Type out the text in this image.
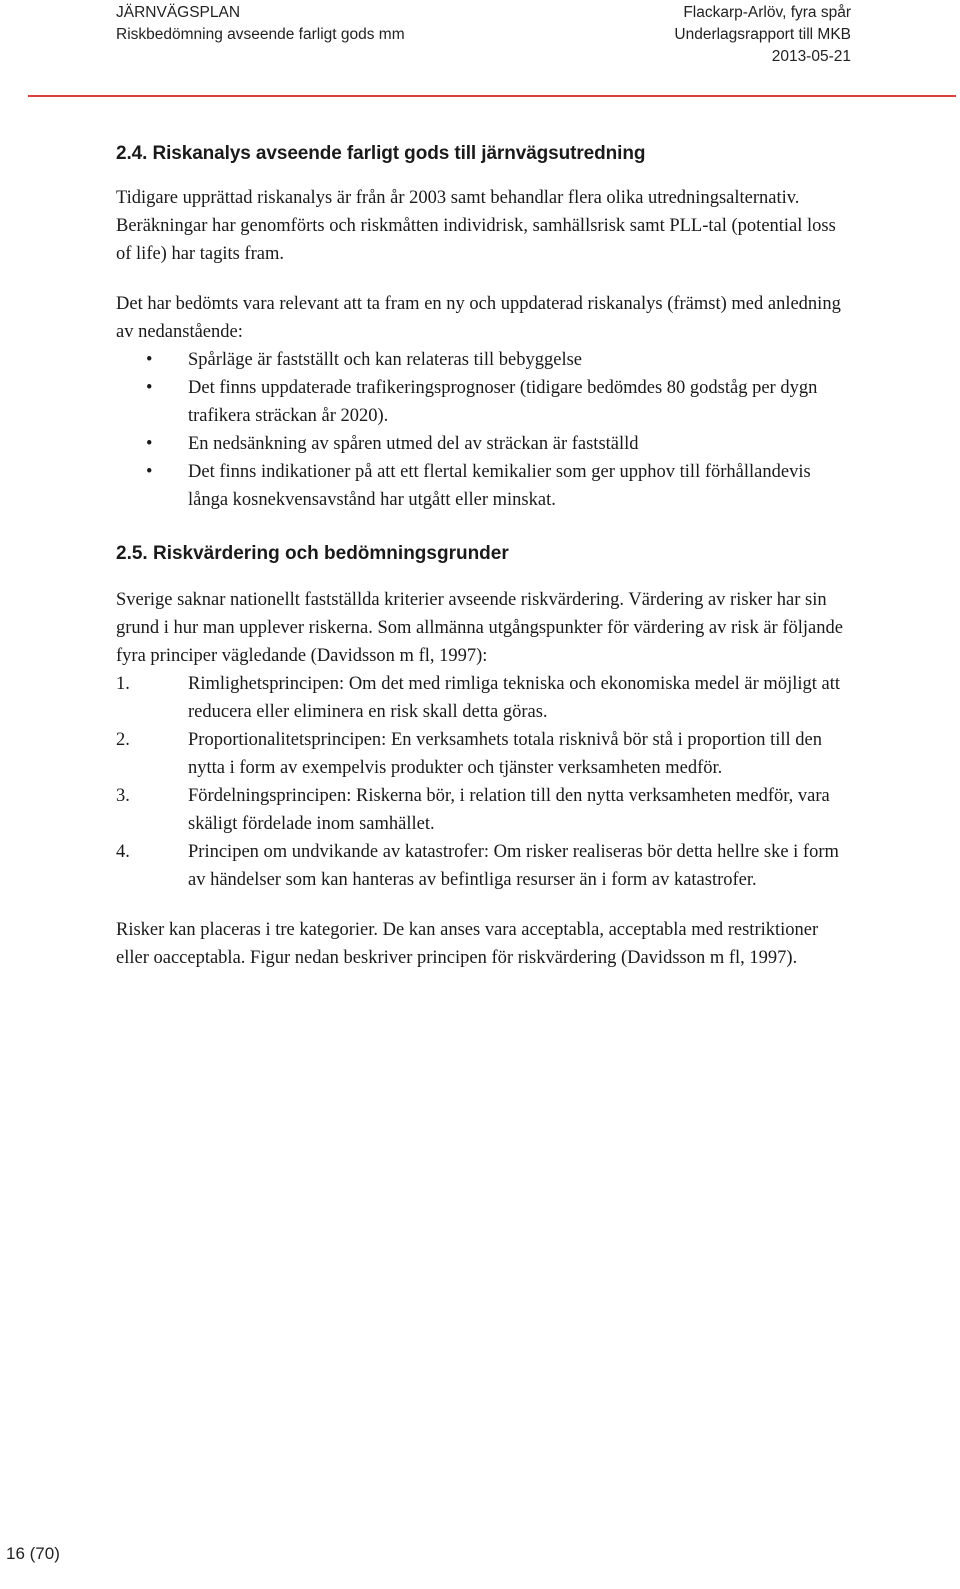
JÄRNVÄGSPLAN
Riskbedömning avseende farligt gods mm
Flackarp-Arlöv, fyra spår
Underlagsrapport till MKB
2013-05-21
2.4. Riskanalys avseende farligt gods till järnvägsutredning

Tidigare upprättad riskanalys är från år 2003 samt behandlar flera olika utredningsalternativ. Beräkningar har genomförts och riskmåtten individrisk, samhällsrisk samt PLL-tal (potential loss of life) har tagits fram.

Det har bedömts vara relevant att ta fram en ny och uppdaterad riskanalys (främst) med anledning av nedanstående:

• Spårläge är fastställt och kan relateras till bebyggelse
• Det finns uppdaterade trafikeringsprognoser (tidigare bedömdes 80 godståg per dygn trafikera sträckan år 2020).
• En nedsänkning av spåren utmed del av sträckan är fastställd
• Det finns indikationer på att ett flertal kemikalier som ger upphov till förhållandevis långa kosnekvensavstånd har utgått eller minskat.
2.5. Riskvärdering och bedömningsgrunder

Sverige saknar nationellt fastställda kriterier avseende riskvärdering. Värdering av risker har sin grund i hur man upplever riskerna. Som allmänna utgångspunkter för värdering av risk är följande fyra principer vägledande (Davidsson m fl, 1997):

1.	Rimlighetsprincipen: Om det med rimliga tekniska och ekonomiska medel är möjligt att reducera eller eliminera en risk skall detta göras.
2.	Proportionalitetsprincipen: En verksamhets totala risknivå bör stå i proportion till den nytta i form av exempelvis produkter och tjänster verksamheten medför.
3.	Fördelningsprincipen: Riskerna bör, i relation till den nytta verksamheten medför, vara skäligt fördelade inom samhället.
4.	Principen om undvikande av katastrofer: Om risker realiseras bör detta hellre ske i form av händelser som kan hanteras av befintliga resurser än i form av katastrofer.

Risker kan placeras i tre kategorier. De kan anses vara acceptabla, acceptabla med restriktioner eller oacceptabla. Figur nedan beskriver principen för riskvärdering (Davidsson m fl, 1997).

16 (70)
